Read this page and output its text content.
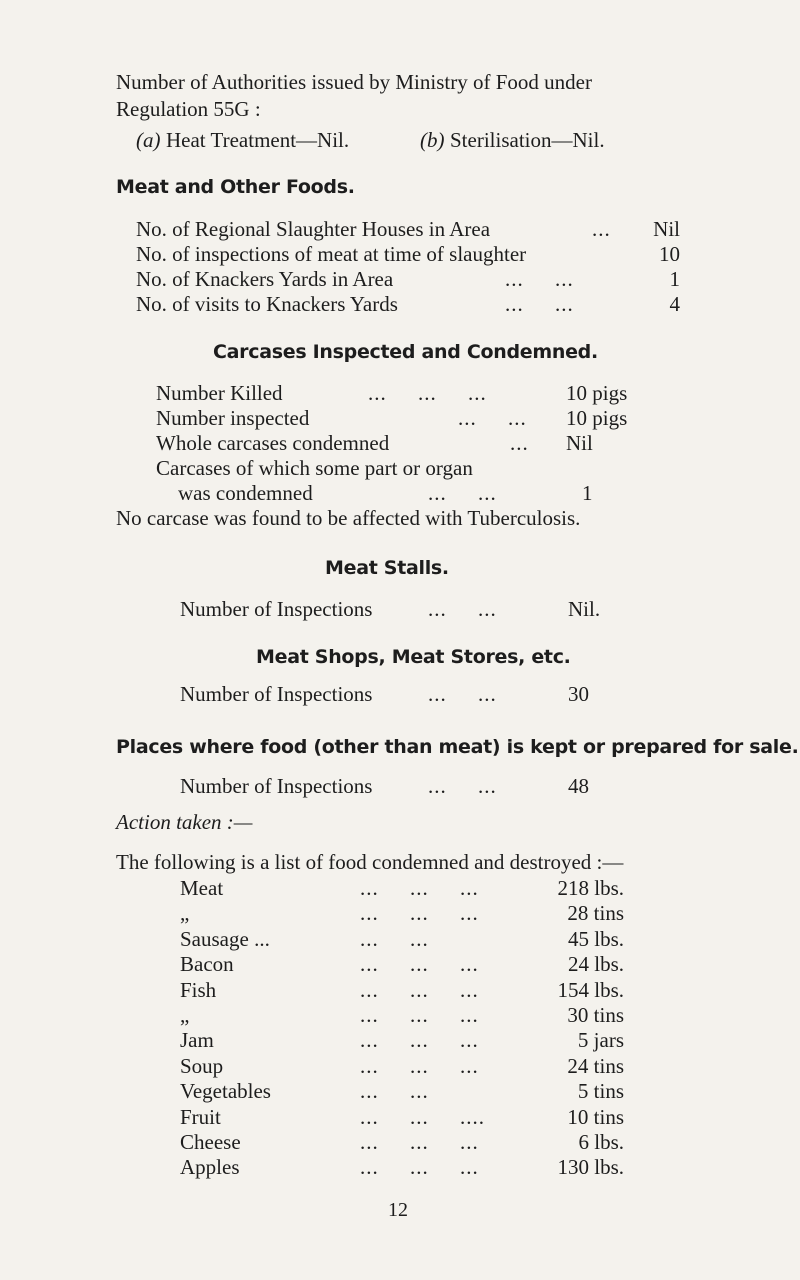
Number of Authorities issued by Ministry of Food under
Regulation 55G :
(a) Heat Treatment—Nil.	(b) Sterilisation—Nil.
Meat and Other Foods.
No. of Regional Slaughter Houses in Area	...	Nil
No. of inspections of meat at time of slaughter	10
No. of Knackers Yards in Area	...     ...	1
No. of visits to Knackers Yards	...     ...	4
Carcases Inspected and Condemned.
Number Killed	...     ...     ...	10 pigs
Number inspected	...     ... 10 pigs
Whole carcases condemned	... Nil
Carcases of which some part or organ
was condemned	...     ...	1
No carcase was found to be affected with Tuberculosis.
Meat Stalls.
Number of Inspections	...     ...	Nil.
Meat Shops, Meat Stores, etc.
Number of Inspections	...     ...	30
Places where food (other than meat) is kept or prepared for sale.
Number of Inspections	...     ...	48
Action taken :—
The following is a list of food condemned and destroyed :—
Meat	...     ...     ...	218 lbs.
„	...     ...     ...	28 tins
Sausage ...	...     ...	45 lbs.
Bacon	...     ...     ...	24 lbs.
Fish	...     ...     ...	154 lbs.
„	...     ...     ...	30 tins
Jam	...     ...     ...	5 jars
Soup	...     ...     ...	24 tins
Vegetables	...     ...	5 tins
Fruit	...     ...     ....	10 tins
Cheese	...     ...     ...	6 lbs.
Apples	...     ...     ...	130 lbs.
12
